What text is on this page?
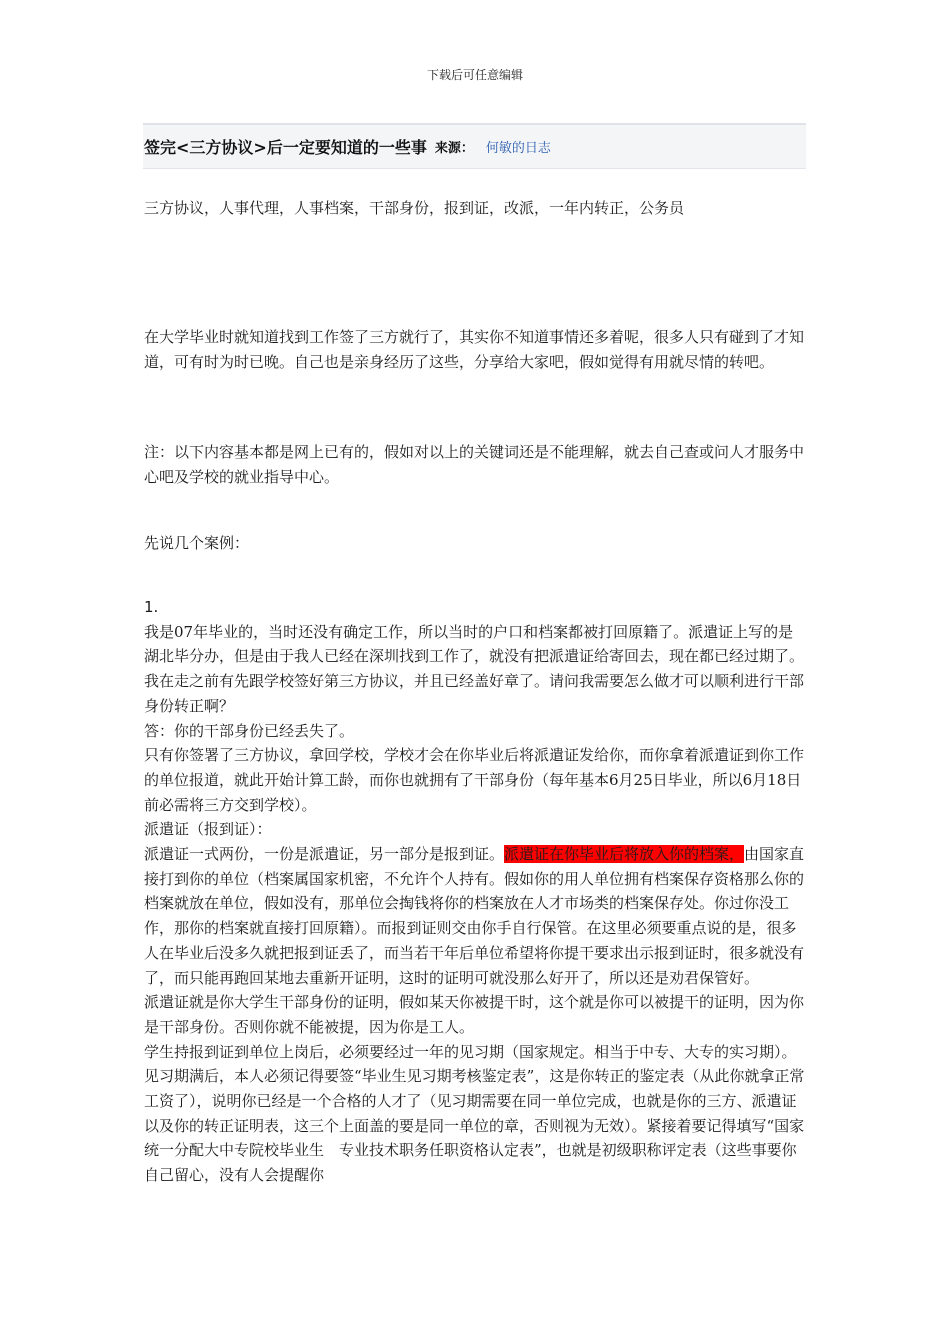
下载后可任意编辑
签完<三方协议>后一定要知道的一些事 来源： 何敏的日志
三方协议，人事代理，人事档案，干部身份，报到证，改派，一年内转正，公务员
在大学毕业时就知道找到工作签了三方就行了，其实你不知道事情还多着呢，很多人只有碰到了才知道，可有时为时已晚。自己也是亲身经历了这些，分享给大家吧，假如觉得有用就尽情的转吧。
注：以下内容基本都是网上已有的，假如对以上的关键词还是不能理解，就去自己查或问人才服务中心吧及学校的就业指导中心。
先说几个案例：
1.
我是07年毕业的，当时还没有确定工作，所以当时的户口和档案都被打回原籍了。派遣证上写的是湖北毕分办，但是由于我人已经在深圳找到工作了，就没有把派遣证给寄回去，现在都已经过期了。我在走之前有先跟学校签好第三方协议，并且已经盖好章了。请问我需要怎么做才可以顺利进行干部身份转正啊？
答：你的干部身份已经丢失了。
只有你签署了三方协议，拿回学校，学校才会在你毕业后将派遣证发给你，而你拿着派遣证到你工作的单位报道，就此开始计算工龄，而你也就拥有了干部身份（每年基本6月25日毕业，所以6月18日前必需将三方交到学校）。
派遣证（报到证）：
派遣证一式两份，一份是派遣证，另一部分是报到证。派遣证在你毕业后将放入你的档案，由国家直接打到你的单位（档案属国家机密，不允许个人持有。假如你的用人单位拥有档案保存资格那么你的档案就放在单位，假如没有，那单位会掏钱将你的档案放在人才市场类的档案保存处。你过你没工作，那你的档案就直接打回原籍）。而报到证则交由你手自行保管。在这里必须要重点说的是，很多人在毕业后没多久就把报到证丢了，而当若干年后单位希望将你提干要求出示报到证时，很多就没有了，而只能再跑回某地去重新开证明，这时的证明可就没那么好开了，所以还是劝君保管好。
派遣证就是你大学生干部身份的证明，假如某天你被提干时，这个就是你可以被提干的证明，因为你是干部身份。否则你就不能被提，因为你是工人。
学生持报到证到单位上岗后，必须要经过一年的见习期（国家规定。相当于中专、大专的实习期）。见习期满后，本人必须记得要签“毕业生见习期考核鉴定表”，这是你转正的鉴定表（从此你就拿正常工资了），说明你已经是一个合格的人才了（见习期需要在同一单位完成，也就是你的三方、派遣证以及你的转正证明表，这三个上面盖的要是同一单位的章，否则视为无效）。紧接着要记得填写“国家统一分配大中专院校毕业生　专业技术职务任职资格认定表”，也就是初级职称评定表（这些事要你自己留心，没有人会提醒你
